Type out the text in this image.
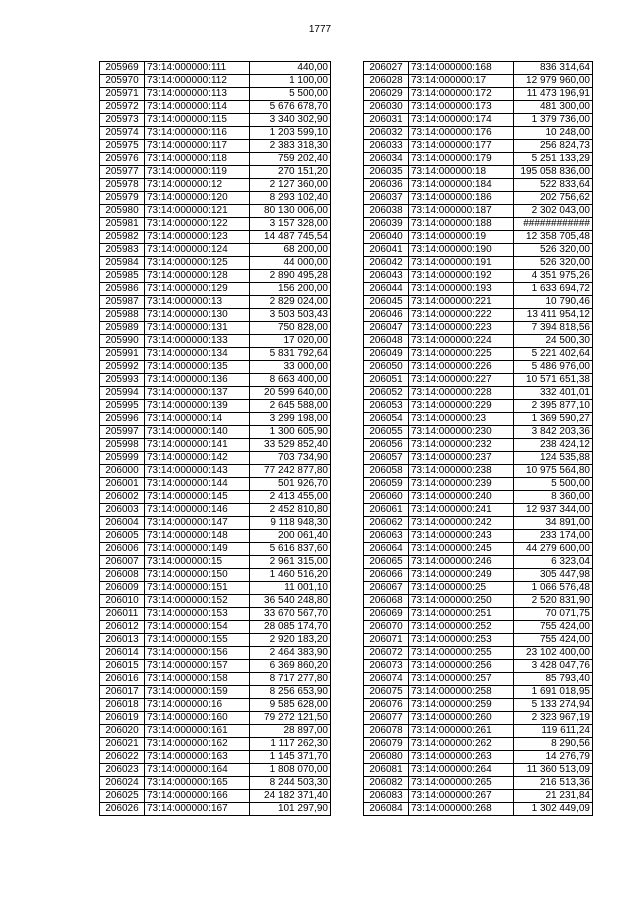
1777
205969	73:14:000000:111	440,00
205970	73:14:000000:112	1 100,00
205971	73:14:000000:113	5 500,00
205972	73:14:000000:114	5 676 678,70
205973	73:14:000000:115	3 340 302,90
205974	73:14:000000:116	1 203 599,10
205975	73:14:000000:117	2 383 318,30
205976	73:14:000000:118	759 202,40
205977	73:14:000000:119	270 151,20
205978	73:14:000000:12	2 127 360,00
205979	73:14:000000:120	8 293 102,40
205980	73:14:000000:121	80 130 006,00
205981	73:14:000000:122	3 157 328,00
205982	73:14:000000:123	14 487 745,54
205983	73:14:000000:124	68 200,00
205984	73:14:000000:125	44 000,00
205985	73:14:000000:128	2 890 495,28
205986	73:14:000000:129	156 200,00
205987	73:14:000000:13	2 829 024,00
205988	73:14:000000:130	3 503 503,43
205989	73:14:000000:131	750 828,00
205990	73:14:000000:133	17 020,00
205991	73:14:000000:134	5 831 792,64
205992	73:14:000000:135	33 000,00
205993	73:14:000000:136	8 663 400,00
205994	73:14:000000:137	20 599 640,00
205995	73:14:000000:139	2 645 588,00
205996	73:14:000000:14	3 299 198,00
205997	73:14:000000:140	1 300 605,90
205998	73:14:000000:141	33 529 852,40
205999	73:14:000000:142	703 734,90
206000	73:14:000000:143	77 242 877,80
206001	73:14:000000:144	501 926,70
206002	73:14:000000:145	2 413 455,00
206003	73:14:000000:146	2 452 810,80
206004	73:14:000000:147	9 118 948,30
206005	73:14:000000:148	200 061,40
206006	73:14:000000:149	5 616 837,60
206007	73:14:000000:15	2 961 315,00
206008	73:14:000000:150	1 460 516,20
206009	73:14:000000:151	11 001,10
206010	73:14:000000:152	36 540 248,80
206011	73:14:000000:153	33 670 567,70
206012	73:14:000000:154	28 085 174,70
206013	73:14:000000:155	2 920 183,20
206014	73:14:000000:156	2 464 383,90
206015	73:14:000000:157	6 369 860,20
206016	73:14:000000:158	8 717 277,80
206017	73:14:000000:159	8 256 653,90
206018	73:14:000000:16	9 585 628,00
206019	73:14:000000:160	79 272 121,50
206020	73:14:000000:161	28 897,00
206021	73:14:000000:162	1 117 262,30
206022	73:14:000000:163	1 145 371,70
206023	73:14:000000:164	1 808 070,00
206024	73:14:000000:165	8 244 503,30
206025	73:14:000000:166	24 182 371,40
206026	73:14:000000:167	101 297,90
206027	73:14:000000:168	836 314,64
206028	73:14:000000:17	12 979 960,00
206029	73:14:000000:172	11 473 196,91
206030	73:14:000000:173	481 300,00
206031	73:14:000000:174	1 379 736,00
206032	73:14:000000:176	10 248,00
206033	73:14:000000:177	256 824,73
206034	73:14:000000:179	5 251 133,29
206035	73:14:000000:18	195 058 836,00
206036	73:14:000000:184	522 833,64
206037	73:14:000000:186	202 756,62
206038	73:14:000000:187	2 302 043,00
206039	73:14:000000:188	############
206040	73:14:000000:19	12 358 705,48
206041	73:14:000000:190	526 320,00
206042	73:14:000000:191	526 320,00
206043	73:14:000000:192	4 351 975,26
206044	73:14:000000:193	1 633 694,72
206045	73:14:000000:221	10 790,46
206046	73:14:000000:222	13 411 954,12
206047	73:14:000000:223	7 394 818,56
206048	73:14:000000:224	24 500,30
206049	73:14:000000:225	5 221 402,64
206050	73:14:000000:226	5 486 976,00
206051	73:14:000000:227	10 571 651,38
206052	73:14:000000:228	332 401,01
206053	73:14:000000:229	2 395 877,10
206054	73:14:000000:23	1 369 590,27
206055	73:14:000000:230	3 842 203,36
206056	73:14:000000:232	238 424,12
206057	73:14:000000:237	124 535,88
206058	73:14:000000:238	10 975 564,80
206059	73:14:000000:239	5 500,00
206060	73:14:000000:240	8 360,00
206061	73:14:000000:241	12 937 344,00
206062	73:14:000000:242	34 891,00
206063	73:14:000000:243	233 174,00
206064	73:14:000000:245	44 279 600,00
206065	73:14:000000:246	6 323,04
206066	73:14:000000:249	305 447,98
206067	73:14:000000:25	1 066 576,48
206068	73:14:000000:250	2 520 831,90
206069	73:14:000000:251	70 071,75
206070	73:14:000000:252	755 424,00
206071	73:14:000000:253	755 424,00
206072	73:14:000000:255	23 102 400,00
206073	73:14:000000:256	3 428 047,76
206074	73:14:000000:257	85 793,40
206075	73:14:000000:258	1 691 018,95
206076	73:14:000000:259	5 133 274,94
206077	73:14:000000:260	2 323 967,19
206078	73:14:000000:261	119 611,24
206079	73:14:000000:262	8 290,56
206080	73:14:000000:263	14 276,79
206081	73:14:000000:264	11 360 513,09
206082	73:14:000000:265	216 513,36
206083	73:14:000000:267	21 231,84
206084	73:14:000000:268	1 302 449,09
